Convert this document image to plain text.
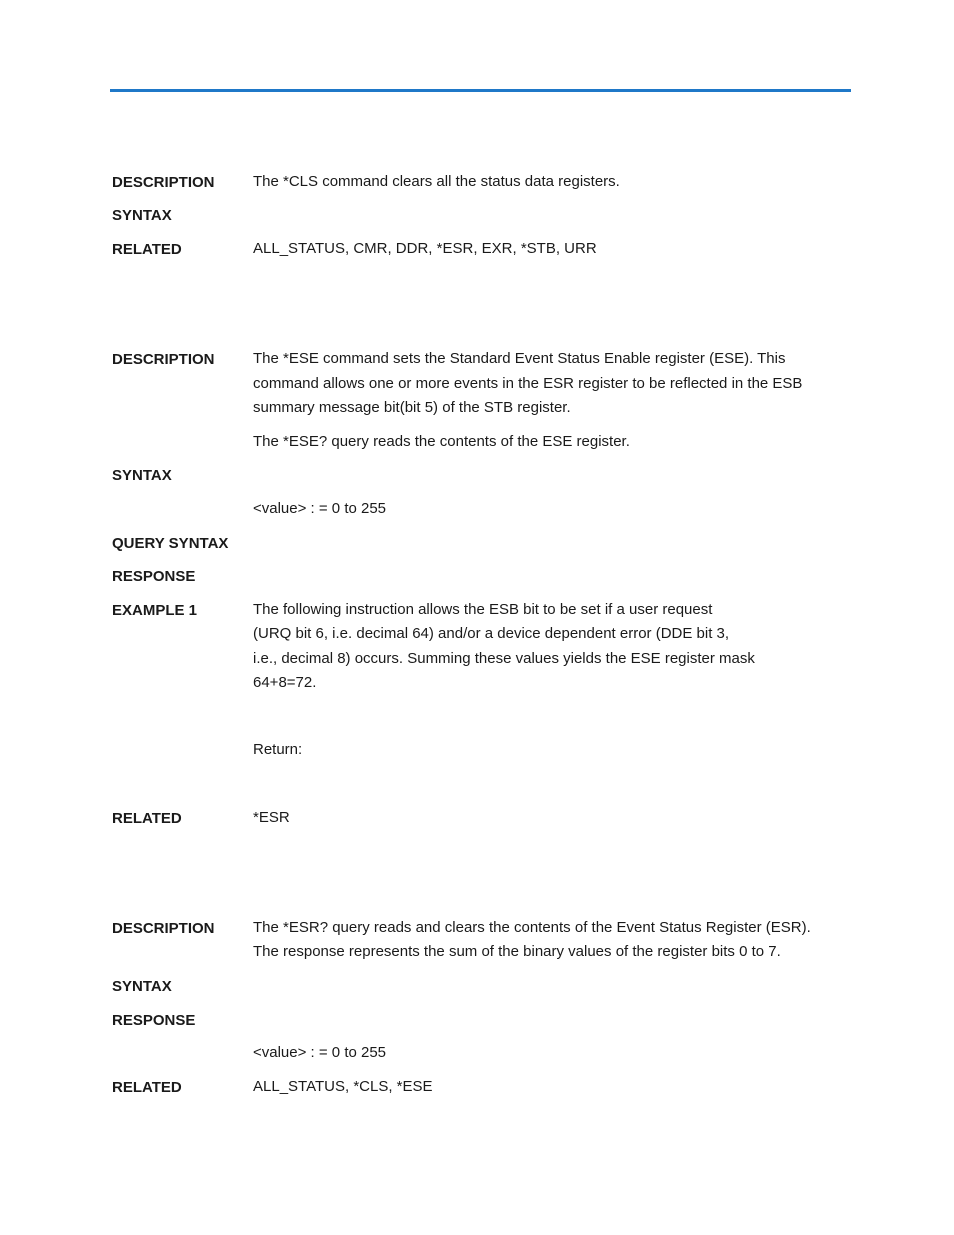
DESCRIPTION	The *CLS command clears all the status data registers.
SYNTAX
RELATED	ALL_STATUS, CMR, DDR, *ESR, EXR, *STB, URR
DESCRIPTION	The *ESE command sets the Standard Event Status Enable register (ESE). This
command allows one or more events in the ESR register to be reflected in the ESB
summary message bit(bit 5) of the STB register.
The *ESE? query reads the contents of the ESE register.
SYNTAX
<value> : = 0 to 255
QUERY SYNTAX
RESPONSE
EXAMPLE 1	The following instruction allows the ESB bit to be set if a user request
(URQ bit 6, i.e. decimal 64) and/or a device dependent error (DDE bit 3,
i.e., decimal 8) occurs. Summing these values yields the ESE register mask
64+8=72.
Return:
RELATED	*ESR
DESCRIPTION	The *ESR? query reads and clears the contents of the Event Status Register (ESR).
The response represents the sum of the binary values of the register bits 0 to 7.
SYNTAX
RESPONSE
<value> : = 0 to 255
RELATED	ALL_STATUS, *CLS, *ESE
